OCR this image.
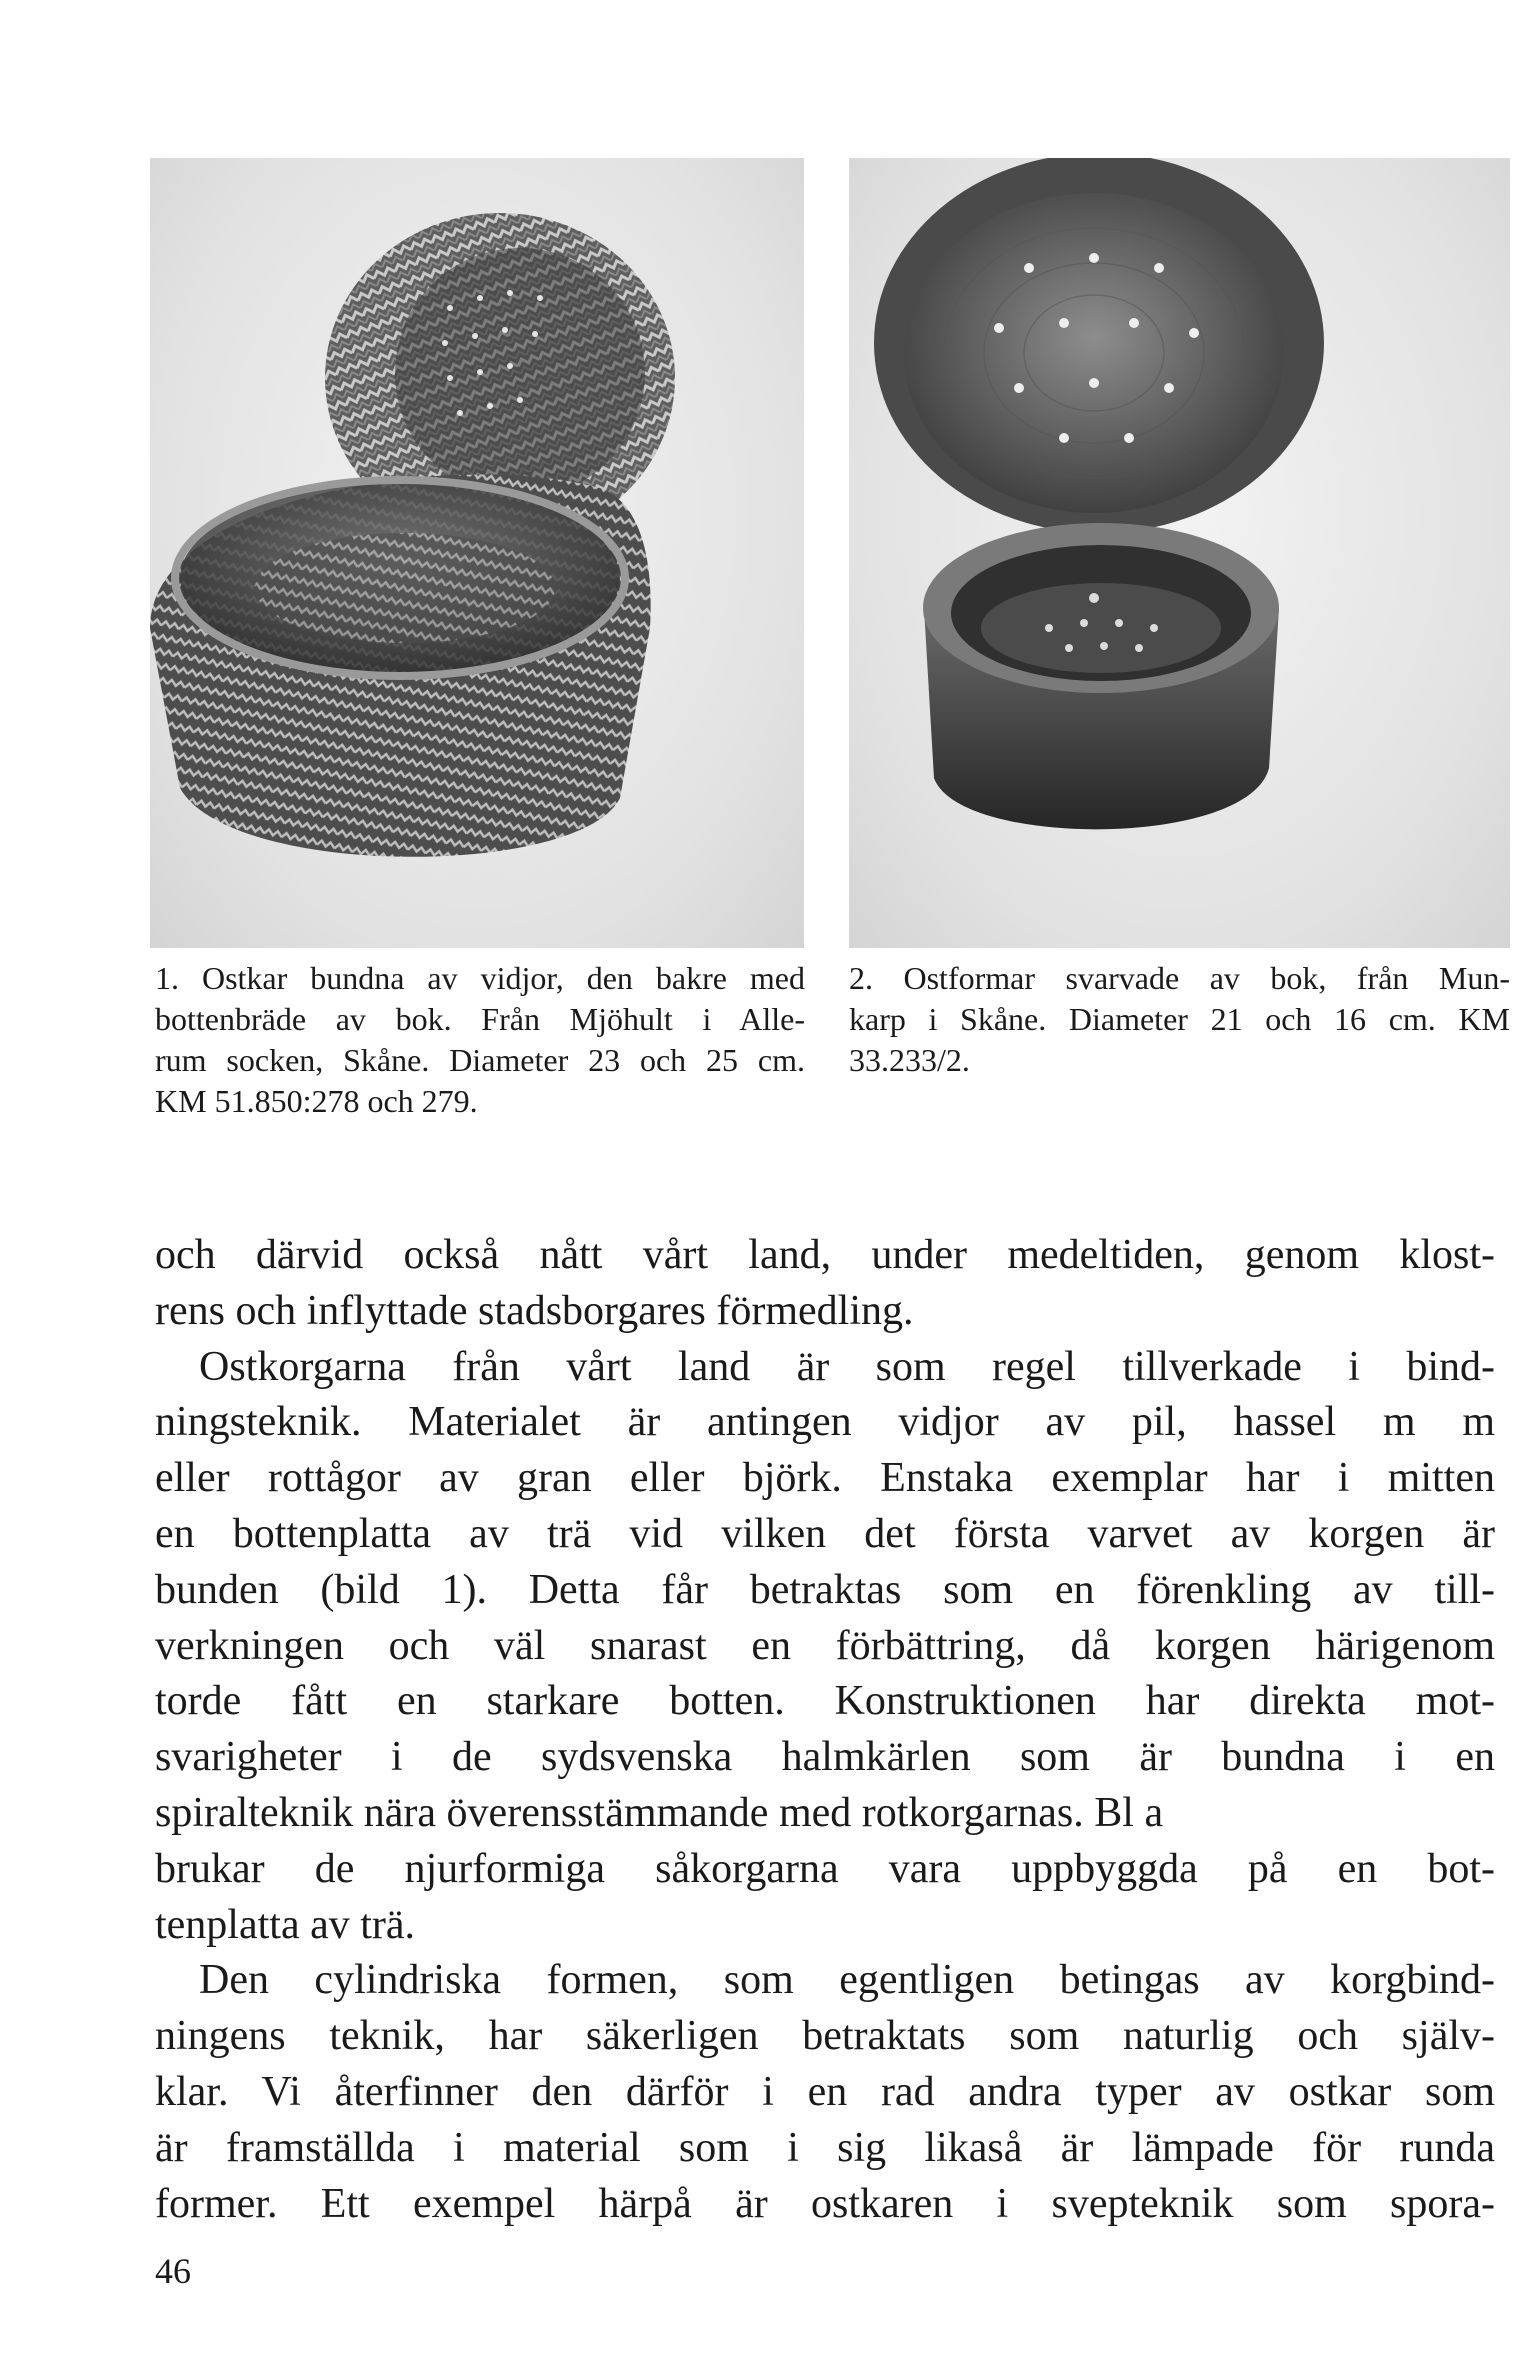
1. Ostkar bundna av vidjor, den bakre med
bottenbräde av bok. Från Mjöhult i Alle-
rum socken, Skåne. Diameter 23 och 25 cm.
KM 51.850:278 och 279.
2. Ostformar svarvade av bok, från Mun-
karp i Skåne. Diameter 21 och 16 cm. KM
33.233/2.
och därvid också nått vårt land, under medeltiden, genom klost-
rens och inflyttade stadsborgares förmedling.
Ostkorgarna från vårt land är som regel tillverkade i bind-
ningsteknik. Materialet är antingen vidjor av pil, hassel m m
eller rottågor av gran eller björk. Enstaka exemplar har i mitten
en bottenplatta av trä vid vilken det första varvet av korgen är
bunden (bild 1). Detta får betraktas som en förenkling av till-
verkningen och väl snarast en förbättring, då korgen härigenom
torde fått en starkare botten. Konstruktionen har direkta mot-
svarigheter i de sydsvenska halmkärlen som är bundna i en
spiralteknik nära överensstämmande med rotkorgarnas. Bl a
brukar de njurformiga såkorgarna vara uppbyggda på en bot-
tenplatta av trä.
Den cylindriska formen, som egentligen betingas av korgbind-
ningens teknik, har säkerligen betraktats som naturlig och själv-
klar. Vi återfinner den därför i en rad andra typer av ostkar som
är framställda i material som i sig likaså är lämpade för runda
former. Ett exempel härpå är ostkaren i svepteknik som spora-
46
